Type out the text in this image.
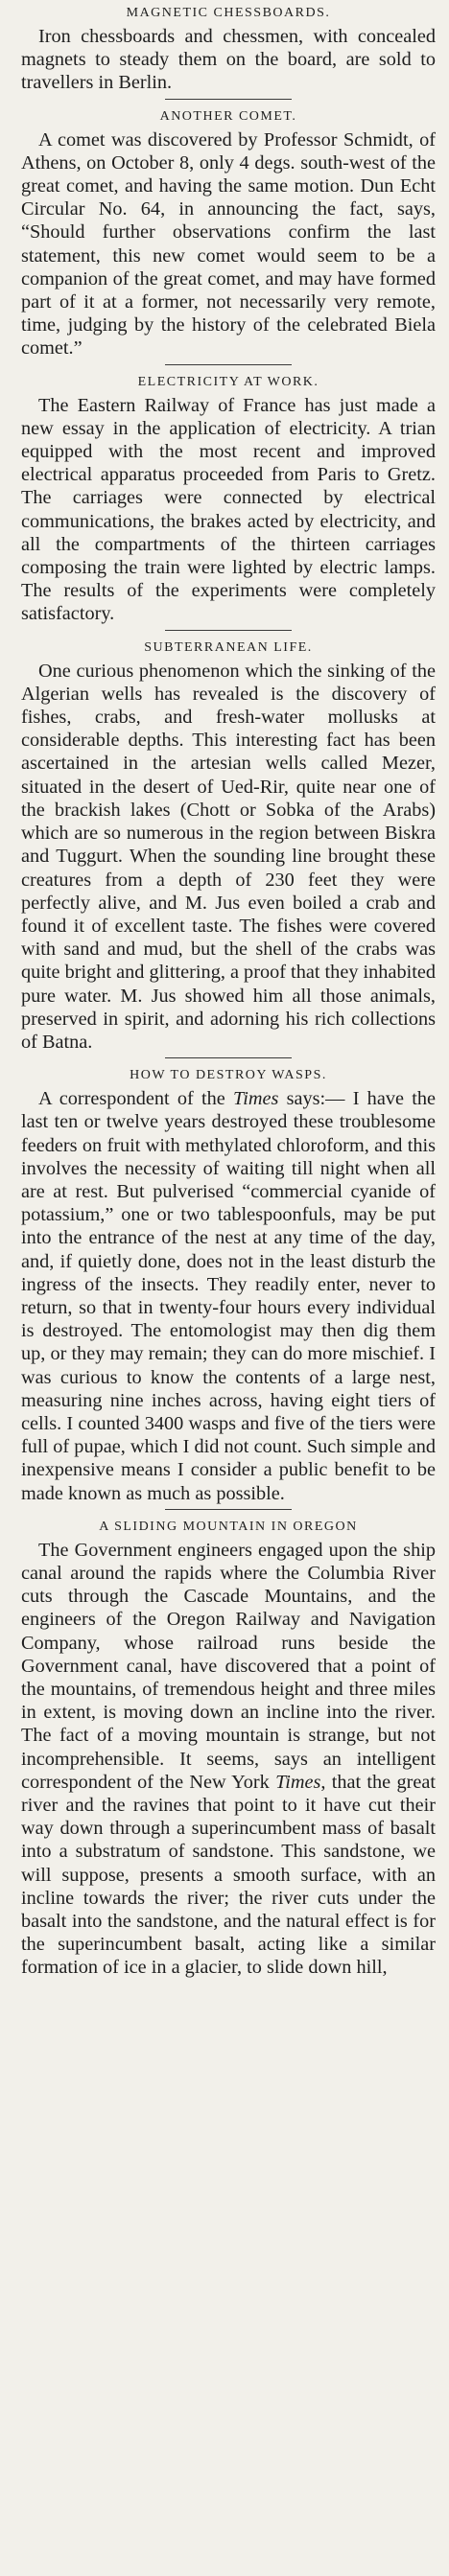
MAGNETIC CHESSBOARDS.

Iron chessboards and chessmen, with concealed magnets to steady them on the board, are sold to travellers in Berlin.

ANOTHER COMET.

A comet was discovered by Professor Schmidt, of Athens, on October 8, only 4 degs. south-west of the great comet, and having the same motion. Dun Echt Circular No. 64, in announcing the fact, says, “Should further observations confirm the last statement, this new comet would seem to be a companion of the great comet, and may have formed part of it at a former, not necessarily very remote, time, judging by the history of the celebrated Biela comet.”

ELECTRICITY AT WORK.

The Eastern Railway of France has just made a new essay in the application of electricity. A trian equipped with the most recent and improved electrical apparatus proceeded from Paris to Gretz. The carriages were connected by electrical communications, the brakes acted by electricity, and all the compartments of the thirteen carriages composing the train were lighted by electric lamps. The results of the experiments were completely satisfactory.

SUBTERRANEAN LIFE.

One curious phenomenon which the sinking of the Algerian wells has revealed is the discovery of fishes, crabs, and fresh-water mollusks at considerable depths. This interesting fact has been ascertained in the artesian wells called Mezer, situated in the desert of Ued-Rir, quite near one of the brackish lakes (Chott or Sobka of the Arabs) which are so numerous in the region between Biskra and Tuggurt. When the sounding line brought these creatures from a depth of 230 feet they were perfectly alive, and M. Jus even boiled a crab and found it of excellent taste. The fishes were covered with sand and mud, but the shell of the crabs was quite bright and glittering, a proof that they inhabited pure water. M. Jus showed him all those animals, preserved in spirit, and adorning his rich collections of Batna.

HOW TO DESTROY WASPS.

A correspondent of the Times says:— I have the last ten or twelve years destroyed these troublesome feeders on fruit with methylated chloroform, and this involves the necessity of waiting till night when all are at rest. But pulverised “commercial cyanide of potassium,” one or two tablespoonfuls, may be put into the entrance of the nest at any time of the day, and, if quietly done, does not in the least disturb the ingress of the insects. They readily enter, never to return, so that in twenty-four hours every individual is destroyed. The entomologist may then dig them up, or they may remain; they can do more mischief. I was curious to know the contents of a large nest, measuring nine inches across, having eight tiers of cells. I counted 3400 wasps and five of the tiers were full of pupae, which I did not count. Such simple and inexpensive means I consider a public benefit to be made known as much as possible.

A SLIDING MOUNTAIN IN OREGON

The Government engineers engaged upon the ship canal around the rapids where the Columbia River cuts through the Cascade Mountains, and the engineers of the Oregon Railway and Navigation Company, whose railroad runs beside the Government canal, have discovered that a point of the mountains, of tremendous height and three miles in extent, is moving down an incline into the river. The fact of a moving mountain is strange, but not incomprehensible. It seems, says an intelligent correspondent of the New York Times, that the great river and the ravines that point to it have cut their way down through a superincumbent mass of basalt into a substratum of sandstone. This sandstone, we will suppose, presents a smooth surface, with an incline towards the river; the river cuts under the basalt into the sandstone, and the natural effect is for the superincumbent basalt, acting like a similar formation of ice in a glacier, to slide down hill,
